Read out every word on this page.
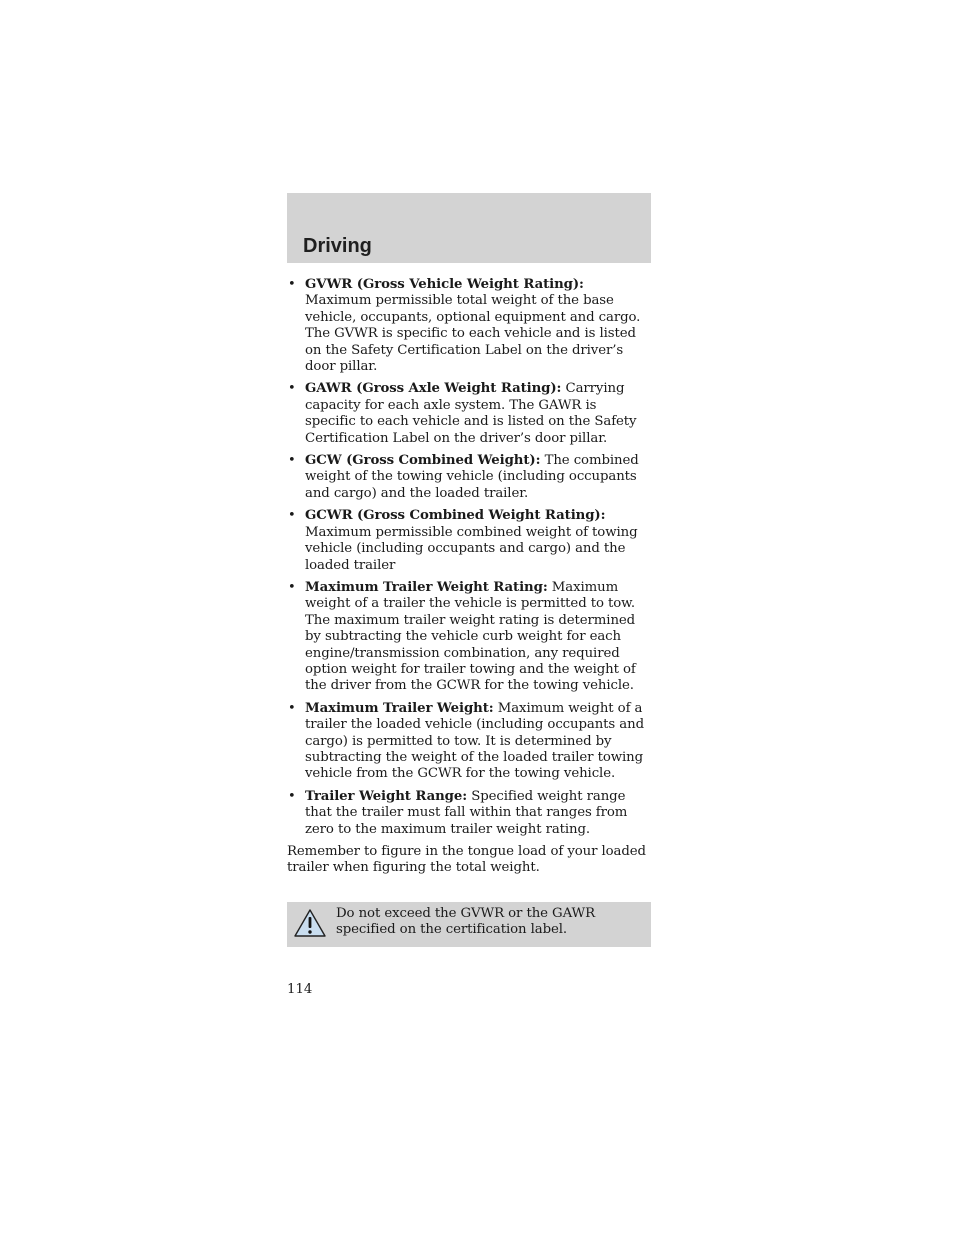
Driving
• GVWR (Gross Vehicle Weight Rating): Maximum permissible total weight of the base vehicle, occupants, optional equipment and cargo. The GVWR is specific to each vehicle and is listed on the Safety Certification Label on the driver’s door pillar.
• GAWR (Gross Axle Weight Rating): Carrying capacity for each axle system. The GAWR is specific to each vehicle and is listed on the Safety Certification Label on the driver’s door pillar.
• GCW (Gross Combined Weight): The combined weight of the towing vehicle (including occupants and cargo) and the loaded trailer.
• GCWR (Gross Combined Weight Rating): Maximum permissible combined weight of towing vehicle (including occupants and cargo) and the loaded trailer
• Maximum Trailer Weight Rating: Maximum weight of a trailer the vehicle is permitted to tow. The maximum trailer weight rating is determined by subtracting the vehicle curb weight for each engine/transmission combination, any required option weight for trailer towing and the weight of the driver from the GCWR for the towing vehicle.
• Maximum Trailer Weight: Maximum weight of a trailer the loaded vehicle (including occupants and cargo) is permitted to tow. It is determined by subtracting the weight of the loaded trailer towing vehicle from the GCWR for the towing vehicle.
• Trailer Weight Range: Specified weight range that the trailer must fall within that ranges from zero to the maximum trailer weight rating.

Remember to figure in the tongue load of your loaded trailer when figuring the total weight.

Do not exceed the GVWR or the GAWR specified on the certification label.
114
